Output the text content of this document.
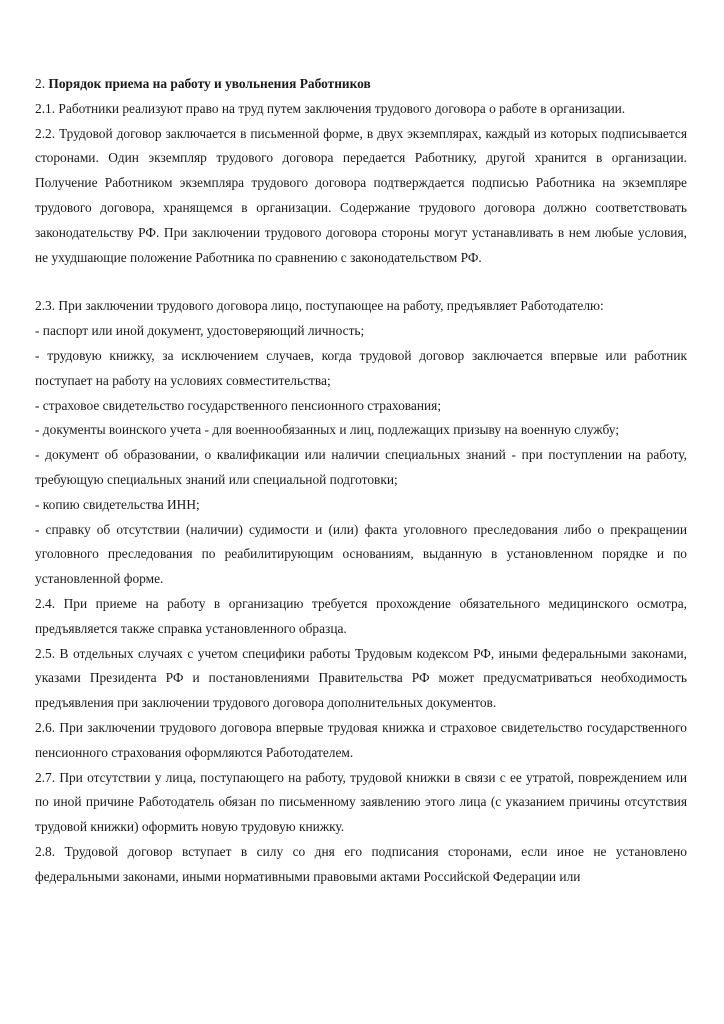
2. Порядок приема на работу и увольнения Работников

2.1. Работники реализуют право на труд путем заключения трудового договора о работе в организации.

2.2. Трудовой договор заключается в письменной форме, в двух экземплярах, каждый из которых подписывается сторонами. Один экземпляр трудового договора передается Работнику, другой хранится в организации. Получение Работником экземпляра трудового договора подтверждается подписью Работника на экземпляре трудового договора, хранящемся в организации. Содержание трудового договора должно соответствовать законодательству РФ. При заключении трудового договора стороны могут устанавливать в нем любые условия, не ухудшающие положение Работника по сравнению с законодательством РФ.

2.3. При заключении трудового договора лицо, поступающее на работу, предъявляет Работодателю:

- паспорт или иной документ, удостоверяющий личность;

- трудовую книжку, за исключением случаев, когда трудовой договор заключается впервые или работник поступает на работу на условиях совместительства;

- страховое свидетельство государственного пенсионного страхования;

- документы воинского учета - для военнообязанных и лиц, подлежащих призыву на военную службу;

- документ об образовании, о квалификации или наличии специальных знаний - при поступлении на работу, требующую специальных знаний или специальной подготовки;

- копию свидетельства ИНН;

- справку об отсутствии (наличии) судимости и (или) факта уголовного преследования либо о прекращении уголовного преследования по реабилитирующим основаниям, выданную в установленном порядке и по установленной форме.

2.4. При приеме на работу в организацию требуется прохождение обязательного медицинского осмотра, предъявляется также справка установленного образца.

2.5. В отдельных случаях с учетом специфики работы Трудовым кодексом РФ, иными федеральными законами, указами Президента РФ и постановлениями Правительства РФ может предусматриваться необходимость предъявления при заключении трудового договора дополнительных документов.

2.6. При заключении трудового договора впервые трудовая книжка и страховое свидетельство государственного пенсионного страхования оформляются Работодателем.

2.7. При отсутствии у лица, поступающего на работу, трудовой книжки в связи с ее утратой, повреждением или по иной причине Работодатель обязан по письменному заявлению этого лица (с указанием причины отсутствия трудовой книжки) оформить новую трудовую книжку.

2.8. Трудовой договор вступает в силу со дня его подписания сторонами, если иное не установлено федеральными законами, иными нормативными правовыми актами Российской Федерации или
